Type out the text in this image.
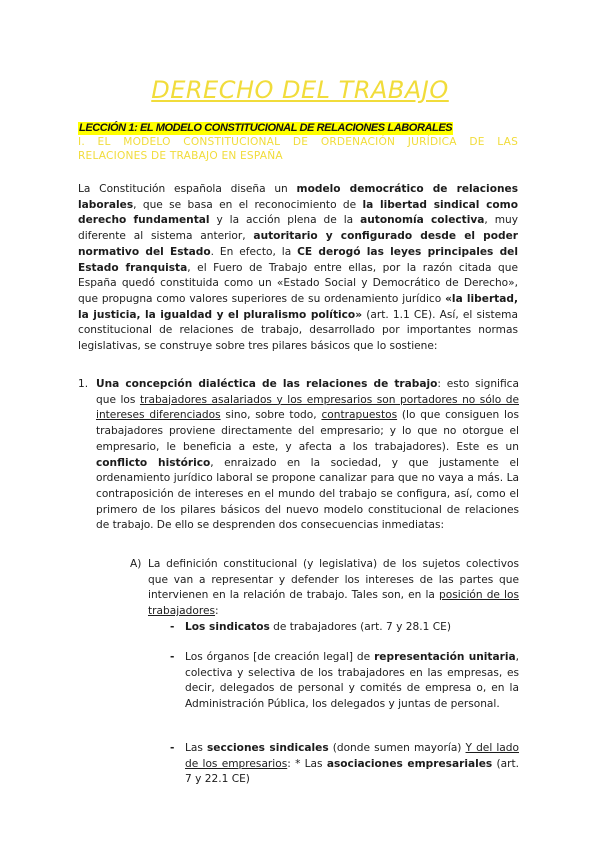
DERECHO DEL TRABAJO
LECCIÓN 1: EL MODELO CONSTITUCIONAL DE RELACIONES LABORALES
I. EL MODELO CONSTITUCIONAL DE ORDENACIÓN JURÍDICA DE LAS RELACIONES DE TRABAJO EN ESPAÑA

La Constitución española diseña un modelo democrático de relaciones laborales, que se basa en el reconocimiento de la libertad sindical como derecho fundamental y la acción plena de la autonomía colectiva, muy diferente al sistema anterior, autoritario y configurado desde el poder normativo del Estado. En efecto, la CE derogó las leyes principales del Estado franquista, el Fuero de Trabajo entre ellas, por la razón citada que España quedó constituida como un «Estado Social y Democrático de Derecho», que propugna como valores superiores de su ordenamiento jurídico «la libertad, la justicia, la igualdad y el pluralismo político» (art. 1.1 CE). Así, el sistema constitucional de relaciones de trabajo, desarrollado por importantes normas legislativas, se construye sobre tres pilares básicos que lo sostiene:

1. Una concepción dialéctica de las relaciones de trabajo: esto significa que los trabajadores asalariados y los empresarios son portadores no sólo de intereses diferenciados sino, sobre todo, contrapuestos (lo que consiguen los trabajadores proviene directamente del empresario; y lo que no otorgue el empresario, le beneficia a este, y afecta a los trabajadores). Este es un conflicto histórico, enraizado en la sociedad, y que justamente el ordenamiento jurídico laboral se propone canalizar para que no vaya a más. La contraposición de intereses en el mundo del trabajo se configura, así, como el primero de los pilares básicos del nuevo modelo constitucional de relaciones de trabajo. De ello se desprenden dos consecuencias inmediatas:
A) La definición constitucional (y legislativa) de los sujetos colectivos que van a representar y defender los intereses de las partes que intervienen en la relación de trabajo. Tales son, en la posición de los trabajadores:
- Los sindicatos de trabajadores (art. 7 y 28.1 CE)
- Los órganos [de creación legal] de representación unitaria, colectiva y selectiva de los trabajadores en las empresas, es decir, delegados de personal y comités de empresa o, en la Administración Pública, los delegados y juntas de personal.
- Las secciones sindicales (donde sumen mayoría) Y del lado de los empresarios: * Las asociaciones empresariales (art. 7 y 22.1 CE)
